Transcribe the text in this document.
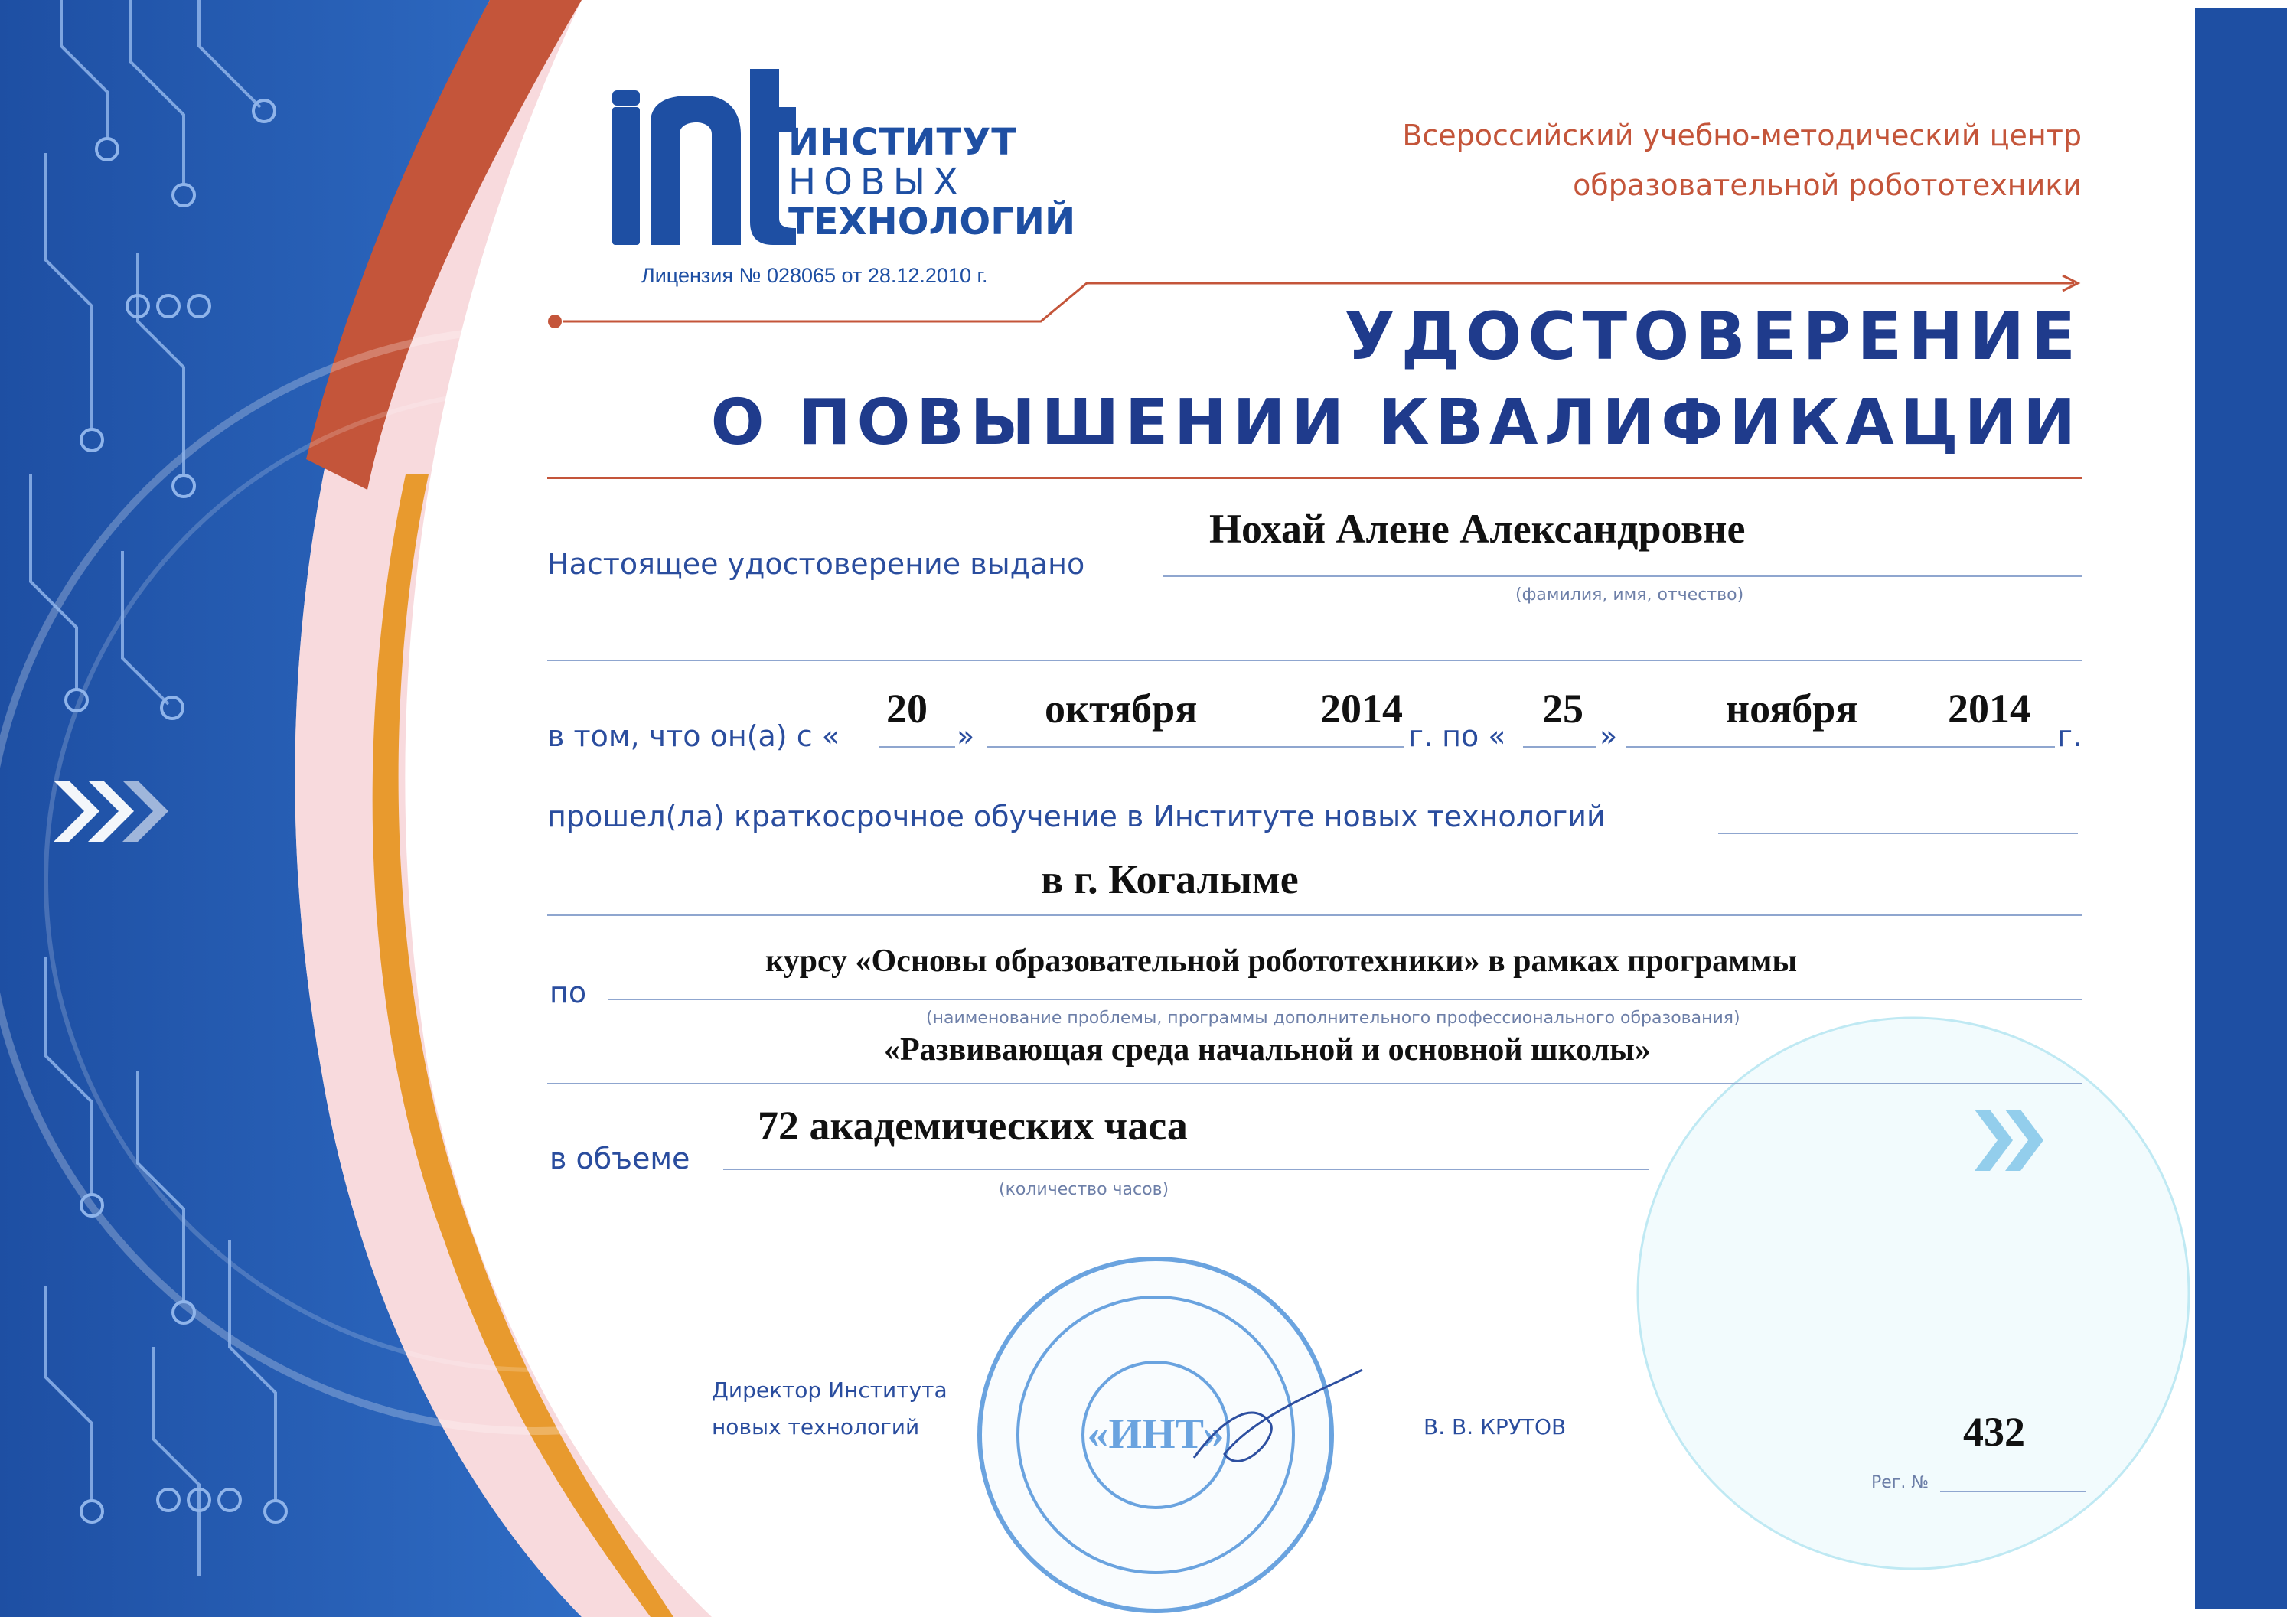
«ИНТ»
ИНСТИТУТ
НОВЫХ
ТЕХНОЛОГИЙ
Лицензия № 028065 от 28.12.2010 г.
Всероссийский учебно-методический центр
образовательной робототехники
УДОСТОВЕРЕНИЕ
О ПОВЫШЕНИИ КВАЛИФИКАЦИИ
Настоящее удостоверение выдано
Нохай Алене Александровне
(фамилия, имя, отчество)
в том, что он(а) с «
20
»
октября	2014
г. по «
25
»
ноября 2014
г.
прошел(ла) краткосрочное обучение в Институте новых технологий
в г. Когалыме
по
курсу «Основы образовательной робототехники» в рамках программы
(наименование проблемы, программы дополнительного профессионального образования)
«Развивающая среда начальной и основной школы»
в объеме
72 академических часа
(количество часов)
Директор Института
новых технологий	В. В. КРУТОВ	432
Рег. №
